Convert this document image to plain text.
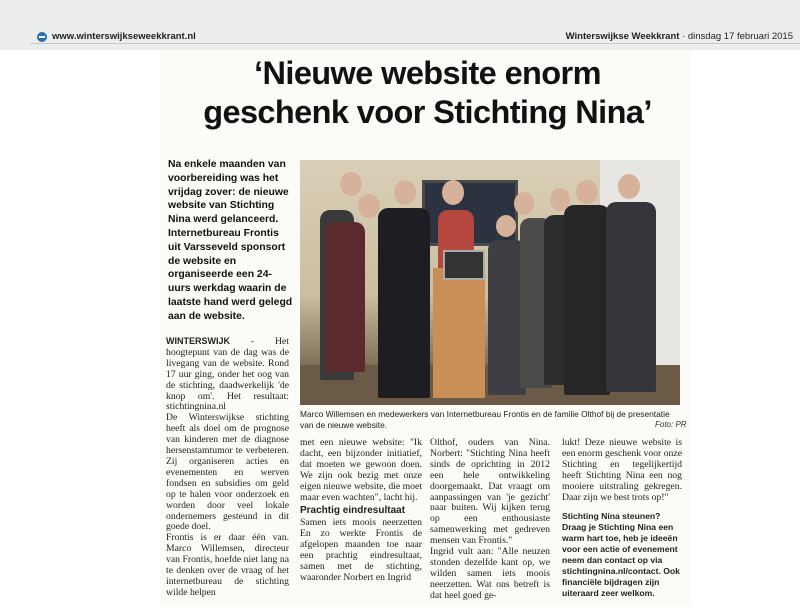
www.winterswijkseweekkrant.nl	Winterswijkse Weekkrant · dinsdag 17 februari 2015
‘Nieuwe website enorm
geschenk voor Stichting Nina’
Na enkele maanden van voorbereiding was het vrijdag zover: de nieuwe website van Stichting Nina werd gelanceerd. Internetbureau Frontis uit Varsseveld sponsort de website en organiseerde een 24-uurs werkdag waarin de laatste hand werd gelegd aan de website.
Marco Willemsen en medewerkers van Internetbureau Frontis en de familie Olthof bij de presentatie van de nieuwe website.	Foto: PR

WINTERSWIJK - Het hoogtepunt van de dag was de livegang van de website. Rond 17 uur ging, onder het oog van de stichting, daadwerkelijk 'de knop om'. Het resultaat: stichtingnina.nl

De Winterswijkse stichting heeft als doel om de prognose van kinderen met de diagnose hersenstamtumor te verbeteren. Zij organiseren acties en evenementen en werven fondsen en subsidies om geld op te halen voor onderzoek en worden door veel lokale ondernemers gesteund in dit goede doel.

Frontis is er daar één van. Marco Willemsen, directeur van Frontis, hoefde niet lang na te denken over de vraag of het internetbureau de stichting wilde helpen

met een nieuwe website: "Ik dacht, een bijzonder initiatief, dat moeten we gewoon doen. We zijn ook bezig met onze eigen nieuwe website, die moet maar even wachten", lacht hij.

Prachtig eindresultaat

Samen iets moois neerzetten En zo werkte Frontis de afgelopen maanden toe naar een prachtig eindresultaat, samen met de stichting, waaronder Norbert en Ingrid

Olthof, ouders van Nina. Norbert: "Stichting Nina heeft sinds de oprichting in 2012 een hele ontwikkeling doorgemaakt. Dat vraagt om aanpassingen van 'je gezicht' naar buiten. Wij kijken terug op een enthousiaste samenwerking met gedreven mensen van Frontis."

Ingrid vult aan: "Alle neuzen stonden dezelfde kant op, we wilden samen iets moois neerzetten. Wat ons betreft is dat heel goed ge-

lukt! Deze nieuwe website is een enorm geschenk voor onze Stichting en tegelijkertijd heeft Stichting Nina een nog mooiere uitstraling gekregen. Daar zijn we best trots op!"

Stichting Nina steunen? Draag je Stichting Nina een warm hart toe, heb je ideeën voor een actie of evenement neem dan contact op via stichtingnina.nl/contact. Ook financiële bijdragen zijn uiteraard zeer welkom.
